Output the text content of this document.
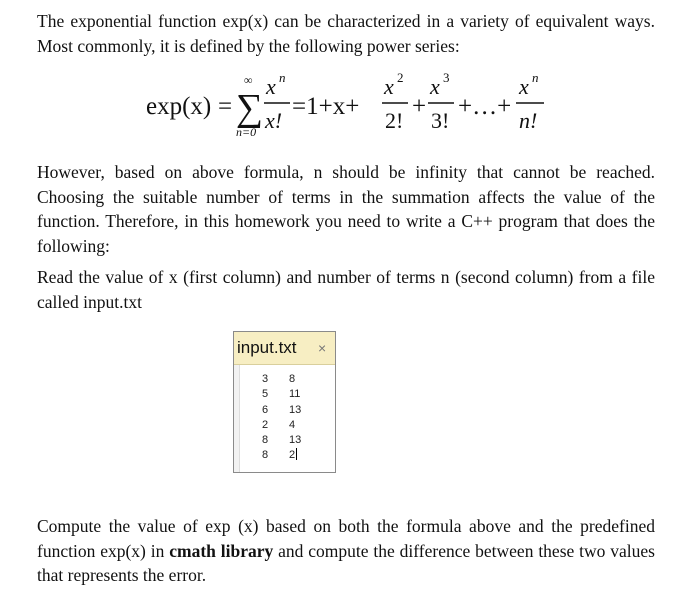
The exponential function exp(x) can be characterized in a variety of equivalent ways. Most commonly, it is defined by the following power series:

exp(x) = ∑
∞
n=0
x n
x!
=1+x+
x 2
2!
+
x 3
3!
+…+
x n
n!

However, based on above formula, n should be infinity that cannot be reached. Choosing the suitable number of terms in the summation affects the value of the function. Therefore, in this homework you need to write a C++ program that does the following:

Read the value of x (first column) and number of terms n (second column) from a file called input.txt

input.txt ×
3 8
5 11
6 13
2 4
8 13
8 2

Compute the value of exp (x) based on both the formula above and the predefined function exp(x) in cmath library and compute the difference between these two values that represents the error.
